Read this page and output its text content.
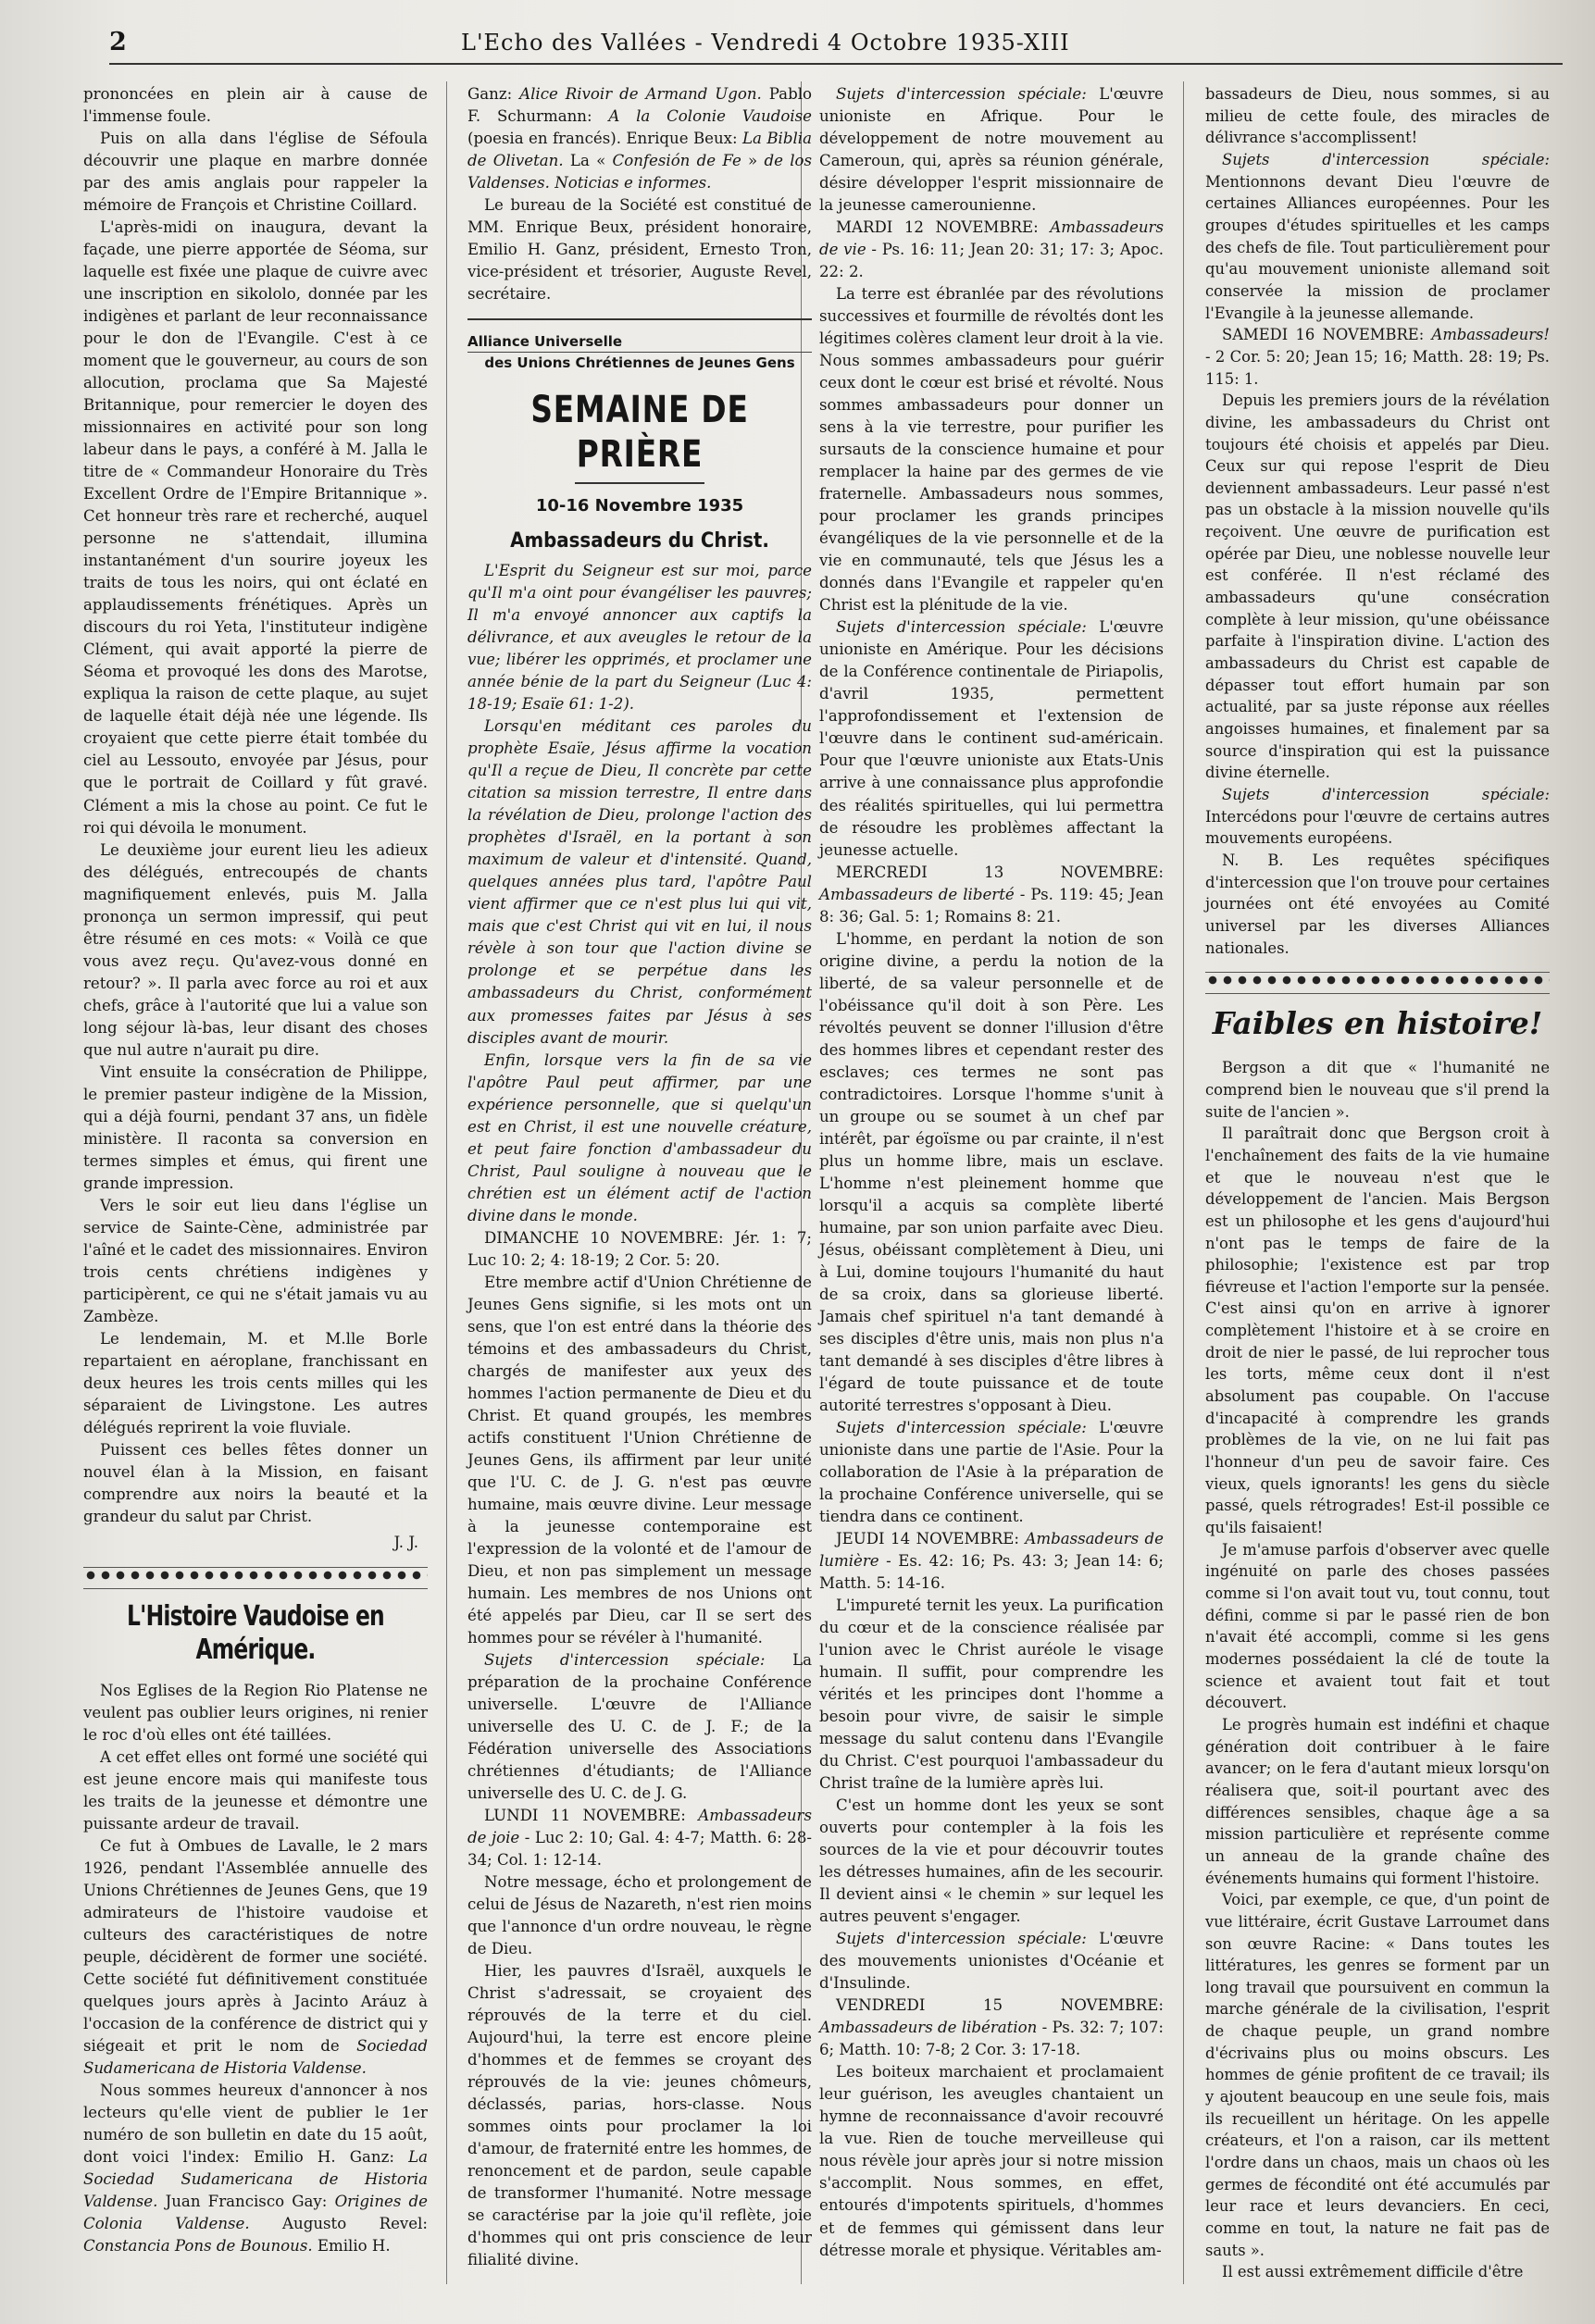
2	L'Echo des Vallées - Vendredi 4 Octobre 1935-XIII

prononcées en plein air à cause de l'immense foule.

Puis on alla dans l'église de Séfoula découvrir une plaque en marbre donnée par des amis anglais pour rappeler la mémoire de François et Christine Coillard.

L'après-midi on inaugura, devant la façade, une pierre apportée de Séoma, sur laquelle est fixée une plaque de cuivre avec une inscription en sikololo, donnée par les indigènes et parlant de leur reconnaissance pour le don de l'Evangile. C'est à ce moment que le gouverneur, au cours de son allocution, proclama que Sa Majesté Britannique, pour remercier le doyen des missionnaires en activité pour son long labeur dans le pays, a conféré à M. Jalla le titre de « Commandeur Honoraire du Très Excellent Ordre de l'Empire Britannique ». Cet honneur très rare et recherché, auquel personne ne s'attendait, illumina instantanément d'un sourire joyeux les traits de tous les noirs, qui ont éclaté en applaudissements frénétiques. Après un discours du roi Yeta, l'instituteur indigène Clément, qui avait apporté la pierre de Séoma et provoqué les dons des Marotse, expliqua la raison de cette plaque, au sujet de laquelle était déjà née une légende. Ils croyaient que cette pierre était tombée du ciel au Lessouto, envoyée par Jésus, pour que le portrait de Coillard y fût gravé. Clément a mis la chose au point. Ce fut le roi qui dévoila le monument.

Le deuxième jour eurent lieu les adieux des délégués, entrecoupés de chants magnifiquement enlevés, puis M. Jalla prononça un sermon impressif, qui peut être résumé en ces mots: « Voilà ce que vous avez reçu. Qu'avez-vous donné en retour? ». Il parla avec force au roi et aux chefs, grâce à l'autorité que lui a value son long séjour là-bas, leur disant des choses que nul autre n'aurait pu dire.

Vint ensuite la consécration de Philippe, le premier pasteur indigène de la Mission, qui a déjà fourni, pendant 37 ans, un fidèle ministère. Il raconta sa conversion en termes simples et émus, qui firent une grande impression.

Vers le soir eut lieu dans l'église un service de Sainte-Cène, administrée par l'aîné et le cadet des missionnaires. Environ trois cents chrétiens indigènes y participèrent, ce qui ne s'était jamais vu au Zambèze.

Le lendemain, M. et M.lle Borle repartaient en aéroplane, franchissant en deux heures les trois cents milles qui les séparaient de Livingstone. Les autres délégués reprirent la voie fluviale.

Puissent ces belles fêtes donner un nouvel élan à la Mission, en faisant comprendre aux noirs la beauté et la grandeur du salut par Christ.

J. J.
L'Histoire Vaudoise en Amérique.

Nos Eglises de la Region Rio Platense ne veulent pas oublier leurs origines, ni renier le roc d'où elles ont été taillées.

A cet effet elles ont formé une société qui est jeune encore mais qui manifeste tous les traits de la jeunesse et démontre une puissante ardeur de travail.

Ce fut à Ombues de Lavalle, le 2 mars 1926, pendant l'Assemblée annuelle des Unions Chrétiennes de Jeunes Gens, que 19 admirateurs de l'histoire vaudoise et culteurs des caractéristiques de notre peuple, décidèrent de former une société. Cette société fut définitivement constituée quelques jours après à Jacinto Aráuz à l'occasion de la conférence de district qui y siégeait et prit le nom de Sociedad Sudamericana de Historia Valdense.

Nous sommes heureux d'annoncer à nos lecteurs qu'elle vient de publier le 1er numéro de son bulletin en date du 15 août, dont voici l'index: Emilio H. Ganz: La Sociedad Sudamericana de Historia Valdense. Juan Francisco Gay: Origines de Colonia Valdense. Augusto Revel: Constancia Pons de Bounous. Emilio H.

Ganz: Alice Rivoir de Armand Ugon. Pablo F. Schurmann: A la Colonie Vaudoise (poesia en francés). Enrique Beux: La Biblia de Olivetan. La « Confesión de Fe » de los Valdenses. Noticias e informes.

Le bureau de la Société est constitué de MM. Enrique Beux, président honoraire, Emilio H. Ganz, président, Ernesto Tron, vice-président et trésorier, Auguste Revel, secrétaire.

Alliance Universelle
des Unions Chrétiennes de Jeunes Gens
SEMAINE DE PRIÈRE
10-16 Novembre 1935
Ambassadeurs du Christ.

L'Esprit du Seigneur est sur moi, parce qu'Il m'a oint pour évangéliser les pauvres; Il m'a envoyé annoncer aux captifs la délivrance, et aux aveugles le retour de la vue; libérer les opprimés, et proclamer une année bénie de la part du Seigneur (Luc 4: 18-19; Esaïe 61: 1-2).

Lorsqu'en méditant ces paroles du prophète Esaïe, Jésus affirme la vocation qu'Il a reçue de Dieu, Il concrète par cette citation sa mission terrestre, Il entre dans la révélation de Dieu, prolonge l'action des prophètes d'Israël, en la portant à son maximum de valeur et d'intensité. Quand, quelques années plus tard, l'apôtre Paul vient affirmer que ce n'est plus lui qui vit, mais que c'est Christ qui vit en lui, il nous révèle à son tour que l'action divine se prolonge et se perpétue dans les ambassadeurs du Christ, conformément aux promesses faites par Jésus à ses disciples avant de mourir.

Enfin, lorsque vers la fin de sa vie l'apôtre Paul peut affirmer, par une expérience personnelle, que si quelqu'un est en Christ, il est une nouvelle créature, et peut faire fonction d'ambassadeur du Christ, Paul souligne à nouveau que le chrétien est un élément actif de l'action divine dans le monde.

DIMANCHE 10 NOVEMBRE: Jér. 1: 7; Luc 10: 2; 4: 18-19; 2 Cor. 5: 20.

Etre membre actif d'Union Chrétienne de Jeunes Gens signifie, si les mots ont un sens, que l'on est entré dans la théorie des témoins et des ambassadeurs du Christ, chargés de manifester aux yeux des hommes l'action permanente de Dieu et du Christ. Et quand groupés, les membres actifs constituent l'Union Chrétienne de Jeunes Gens, ils affirment par leur unité que l'U. C. de J. G. n'est pas œuvre humaine, mais œuvre divine. Leur message à la jeunesse contemporaine est l'expression de la volonté et de l'amour de Dieu, et non pas simplement un message humain. Les membres de nos Unions ont été appelés par Dieu, car Il se sert des hommes pour se révéler à l'humanité.

Sujets d'intercession spéciale: La préparation de la prochaine Conférence universelle. L'œuvre de l'Alliance universelle des U. C. de J. F.; de la Fédération universelle des Associations chrétiennes d'étudiants; de l'Alliance universelle des U. C. de J. G.

LUNDI 11 NOVEMBRE: Ambassadeurs de joie - Luc 2: 10; Gal. 4: 4-7; Matth. 6: 28-34; Col. 1: 12-14.

Notre message, écho et prolongement de celui de Jésus de Nazareth, n'est rien moins que l'annonce d'un ordre nouveau, le règne de Dieu.

Hier, les pauvres d'Israël, auxquels le Christ s'adressait, se croyaient des réprouvés de la terre et du ciel. Aujourd'hui, la terre est encore pleine d'hommes et de femmes se croyant des réprouvés de la vie: jeunes chômeurs, déclassés, parias, hors-classe. Nous sommes oints pour proclamer la loi d'amour, de fraternité entre les hommes, de renoncement et de pardon, seule capable de transformer l'humanité. Notre message se caractérise par la joie qu'il reflète, joie d'hommes qui ont pris conscience de leur filialité divine.

Sujets d'intercession spéciale: L'œuvre unioniste en Afrique. Pour le développement de notre mouvement au Cameroun, qui, après sa réunion générale, désire développer l'esprit missionnaire de la jeunesse camerounienne.

MARDI 12 NOVEMBRE: Ambassadeurs de vie - Ps. 16: 11; Jean 20: 31; 17: 3; Apoc. 22: 2.

La terre est ébranlée par des révolutions successives et fourmille de révoltés dont les légitimes colères clament leur droit à la vie. Nous sommes ambassadeurs pour guérir ceux dont le cœur est brisé et révolté. Nous sommes ambassadeurs pour donner un sens à la vie terrestre, pour purifier les sursauts de la conscience humaine et pour remplacer la haine par des germes de vie fraternelle. Ambassadeurs nous sommes, pour proclamer les grands principes évangéliques de la vie personnelle et de la vie en communauté, tels que Jésus les a donnés dans l'Evangile et rappeler qu'en Christ est la plénitude de la vie.

Sujets d'intercession spéciale: L'œuvre unioniste en Amérique. Pour les décisions de la Conférence continentale de Piriapolis, d'avril 1935, permettent l'approfondissement et l'extension de l'œuvre dans le continent sud-américain. Pour que l'œuvre unioniste aux Etats-Unis arrive à une connaissance plus approfondie des réalités spirituelles, qui lui permettra de résoudre les problèmes affectant la jeunesse actuelle.

MERCREDI 13 NOVEMBRE: Ambassadeurs de liberté - Ps. 119: 45; Jean 8: 36; Gal. 5: 1; Romains 8: 21.

L'homme, en perdant la notion de son origine divine, a perdu la notion de la liberté, de sa valeur personnelle et de l'obéissance qu'il doit à son Père. Les révoltés peuvent se donner l'illusion d'être des hommes libres et cependant rester des esclaves; ces termes ne sont pas contradictoires. Lorsque l'homme s'unit à un groupe ou se soumet à un chef par intérêt, par égoïsme ou par crainte, il n'est plus un homme libre, mais un esclave. L'homme n'est pleinement homme que lorsqu'il a acquis sa complète liberté humaine, par son union parfaite avec Dieu. Jésus, obéissant complètement à Dieu, uni à Lui, domine toujours l'humanité du haut de sa croix, dans sa glorieuse liberté. Jamais chef spirituel n'a tant demandé à ses disciples d'être unis, mais non plus n'a tant demandé à ses disciples d'être libres à l'égard de toute puissance et de toute autorité terrestres s'opposant à Dieu.

Sujets d'intercession spéciale: L'œuvre unioniste dans une partie de l'Asie. Pour la collaboration de l'Asie à la préparation de la prochaine Conférence universelle, qui se tiendra dans ce continent.

JEUDI 14 NOVEMBRE: Ambassadeurs de lumière - Es. 42: 16; Ps. 43: 3; Jean 14: 6; Matth. 5: 14-16.

L'impureté ternit les yeux. La purification du cœur et de la conscience réalisée par l'union avec le Christ auréole le visage humain. Il suffit, pour comprendre les vérités et les principes dont l'homme a besoin pour vivre, de saisir le simple message du salut contenu dans l'Evangile du Christ. C'est pourquoi l'ambassadeur du Christ traîne de la lumière après lui.

C'est un homme dont les yeux se sont ouverts pour contempler à la fois les sources de la vie et pour découvrir toutes les détresses humaines, afin de les secourir. Il devient ainsi « le chemin » sur lequel les autres peuvent s'engager.

Sujets d'intercession spéciale: L'œuvre des mouvements unionistes d'Océanie et d'Insulinde.

VENDREDI 15 NOVEMBRE: Ambassadeurs de libération - Ps. 32: 7; 107: 6; Matth. 10: 7-8; 2 Cor. 3: 17-18.

Les boiteux marchaient et proclamaient leur guérison, les aveugles chantaient un hymne de reconnaissance d'avoir recouvré la vue. Rien de touche merveilleuse qui nous révèle jour après jour si notre mission s'accomplit. Nous sommes, en effet, entourés d'impotents spirituels, d'hommes et de femmes qui gémissent dans leur détresse morale et physique. Véritables am-

bassadeurs de Dieu, nous sommes, si au milieu de cette foule, des miracles de délivrance s'accomplissent!

Sujets d'intercession spéciale: Mentionnons devant Dieu l'œuvre de certaines Alliances européennes. Pour les groupes d'études spirituelles et les camps des chefs de file. Tout particulièrement pour qu'au mouvement unioniste allemand soit conservée la mission de proclamer l'Evangile à la jeunesse allemande.

SAMEDI 16 NOVEMBRE: Ambassadeurs! - 2 Cor. 5: 20; Jean 15; 16; Matth. 28: 19; Ps. 115: 1.

Depuis les premiers jours de la révélation divine, les ambassadeurs du Christ ont toujours été choisis et appelés par Dieu. Ceux sur qui repose l'esprit de Dieu deviennent ambassadeurs. Leur passé n'est pas un obstacle à la mission nouvelle qu'ils reçoivent. Une œuvre de purification est opérée par Dieu, une noblesse nouvelle leur est conférée. Il n'est réclamé des ambassadeurs qu'une consécration complète à leur mission, qu'une obéissance parfaite à l'inspiration divine. L'action des ambassadeurs du Christ est capable de dépasser tout effort humain par son actualité, par sa juste réponse aux réelles angoisses humaines, et finalement par sa source d'inspiration qui est la puissance divine éternelle.

Sujets d'intercession spéciale: Intercédons pour l'œuvre de certains autres mouvements européens.

N. B. Les requêtes spécifiques d'intercession que l'on trouve pour certaines journées ont été envoyées au Comité universel par les diverses Alliances nationales.

Faibles en histoire!

Bergson a dit que « l'humanité ne comprend bien le nouveau que s'il prend la suite de l'ancien ».

Il paraîtrait donc que Bergson croit à l'enchaînement des faits de la vie humaine et que le nouveau n'est que le développement de l'ancien. Mais Bergson est un philosophe et les gens d'aujourd'hui n'ont pas le temps de faire de la philosophie; l'existence est par trop fiévreuse et l'action l'emporte sur la pensée. C'est ainsi qu'on en arrive à ignorer complètement l'histoire et à se croire en droit de nier le passé, de lui reprocher tous les torts, même ceux dont il n'est absolument pas coupable. On l'accuse d'incapacité à comprendre les grands problèmes de la vie, on ne lui fait pas l'honneur d'un peu de savoir faire. Ces vieux, quels ignorants! les gens du siècle passé, quels rétrogrades! Est-il possible ce qu'ils faisaient!

Je m'amuse parfois d'observer avec quelle ingénuité on parle des choses passées comme si l'on avait tout vu, tout connu, tout défini, comme si par le passé rien de bon n'avait été accompli, comme si les gens modernes possédaient la clé de toute la science et avaient tout fait et tout découvert.

Le progrès humain est indéfini et chaque génération doit contribuer à le faire avancer; on le fera d'autant mieux lorsqu'on réalisera que, soit-il pourtant avec des différences sensibles, chaque âge a sa mission particulière et représente comme un anneau de la grande chaîne des événements humains qui forment l'histoire.

Voici, par exemple, ce que, d'un point de vue littéraire, écrit Gustave Larroumet dans son œuvre Racine: « Dans toutes les littératures, les genres se forment par un long travail que poursuivent en commun la marche générale de la civilisation, l'esprit de chaque peuple, un grand nombre d'écrivains plus ou moins obscurs. Les hommes de génie profitent de ce travail; ils y ajoutent beaucoup en une seule fois, mais ils recueillent un héritage. On les appelle créateurs, et l'on a raison, car ils mettent l'ordre dans un chaos, mais un chaos où les germes de fécondité ont été accumulés par leur race et leurs devanciers. En ceci, comme en tout, la nature ne fait pas de sauts ».

Il est aussi extrêmement difficile d'être
